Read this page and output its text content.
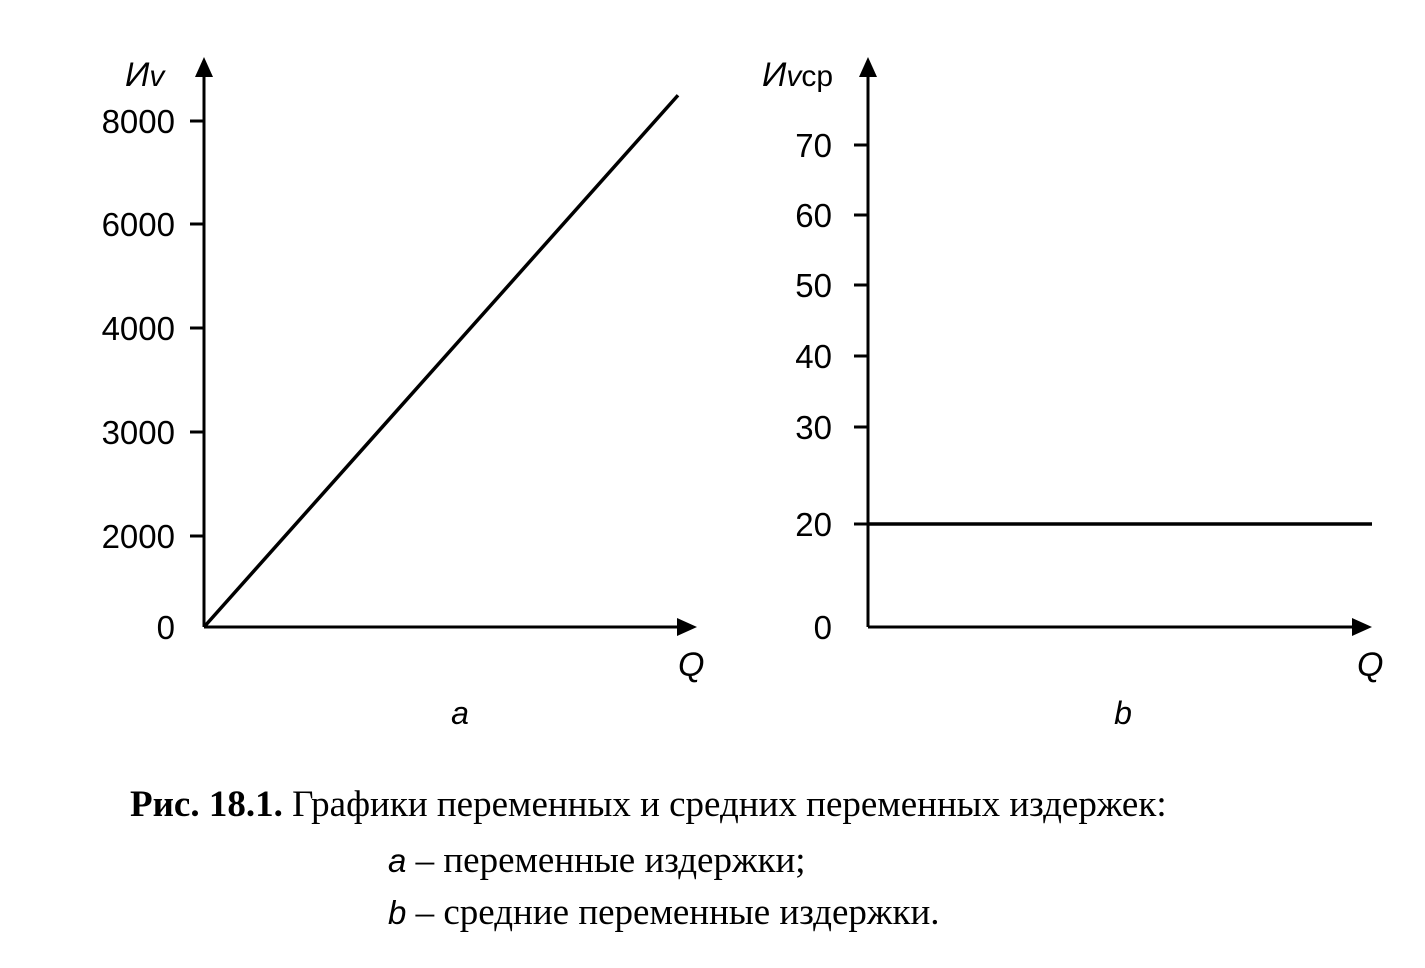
0
2000
3000
4000
6000
8000
Иv
Q
a
0
20
30
40
50
60
70
Иvср
Q
b
Рис. 18.1. Графики переменных и средних переменных издержек:
a – переменные издержки;
b – средние переменные издержки.
